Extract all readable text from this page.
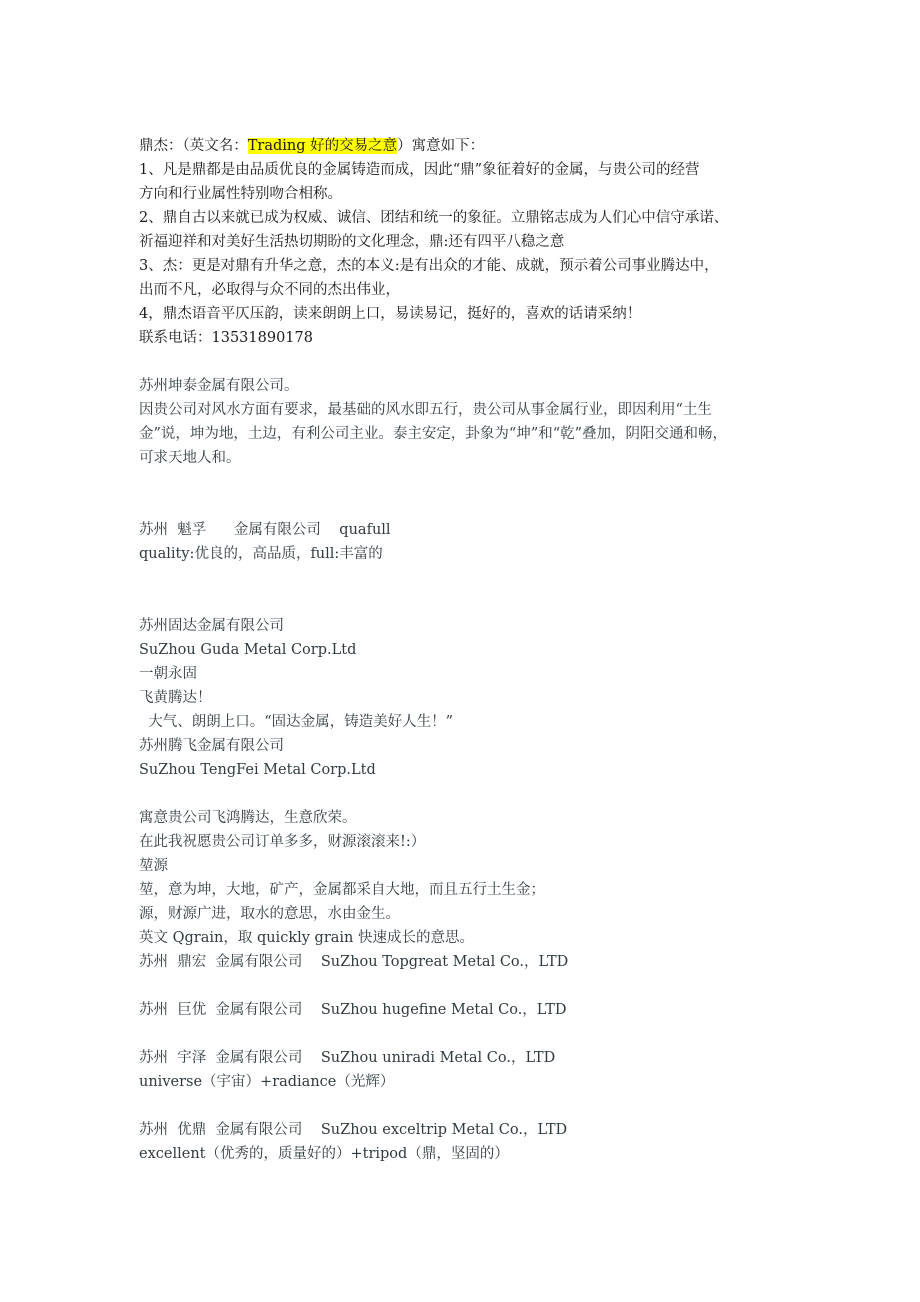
鼎杰：（英文名：Trading 好的交易之意）寓意如下：
1、凡是鼎都是由品质优良的金属铸造而成，因此“鼎”象征着好的金属，与贵公司的经营
方向和行业属性特别吻合相称。
2、鼎自古以来就已成为权威、诚信、团结和统一的象征。立鼎铭志成为人们心中信守承诺、
祈福迎祥和对美好生活热切期盼的文化理念，鼎:还有四平八稳之意
3、杰：更是对鼎有升华之意，杰的本义:是有出众的才能、成就，预示着公司事业腾达中，
出而不凡，必取得与众不同的杰出伟业，
4，鼎杰语音平仄压韵，读来朗朗上口，易读易记，挺好的，喜欢的话请采纳！
联系电话：13531890178
苏州坤泰金属有限公司。
因贵公司对风水方面有要求，最基础的风水即五行，贵公司从事金属行业，即因利用“土生
金”说，坤为地，土边，有利公司主业。泰主安定，卦象为“坤”和“乾”叠加，阴阳交通和畅，
可求天地人和。
苏州  魁孚      金属有限公司    quafull
quality:优良的，高品质，full:丰富的
苏州固达金属有限公司
SuZhou Guda Metal Corp.Ltd
一朝永固
飞黄腾达！
大气、朗朗上口。“固达金属，铸造美好人生！”
苏州腾飞金属有限公司
SuZhou TengFei Metal Corp.Ltd
寓意贵公司飞鸿腾达，生意欣荣。
在此我祝愿贵公司订单多多，财源滚滚来!:）
堃源
堃，意为坤，大地，矿产，金属都采自大地，而且五行土生金；
源，财源广进，取水的意思，水由金生。
英文 Qgrain，取 quickly grain 快速成长的意思。
苏州  鼎宏  金属有限公司    SuZhou Topgreat Metal Co.，LTD
苏州  巨优  金属有限公司    SuZhou hugefine Metal Co.，LTD
苏州  宇泽  金属有限公司    SuZhou uniradi Metal Co.，LTD
universe（宇宙）+radiance（光辉）
苏州  优鼎  金属有限公司    SuZhou exceltrip Metal Co.，LTD
excellent（优秀的，质量好的）+tripod（鼎，坚固的）
